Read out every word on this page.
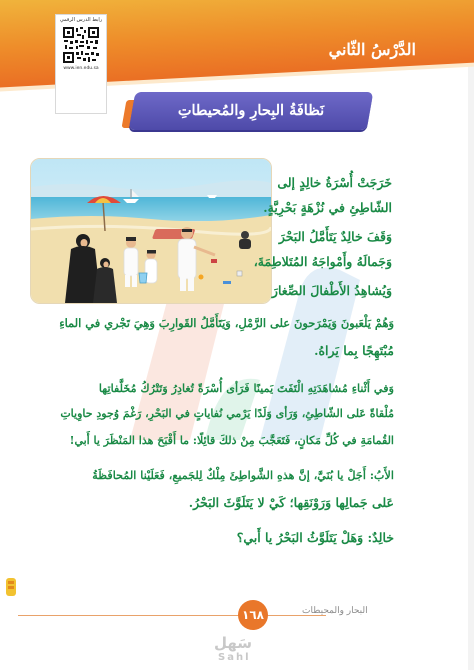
الدَّرْسُ الثّاني
رابط الدرس الرقمي
www.ien.edu.sa
نَظافَةُ البِحارِ والمُحيطاتِ
خَرَجَتْ أُسْرَةُ خالِدٍ إلى
الشّاطِئِ في نُزْهَةٍ بَحْرِيَّةٍ.
وَقَفَ خالِدٌ يَتَأَمَّلُ البَحْرَ
وَجَمالَهُ وأَمْواجَهُ المُتَلاطِمَةَ،
وَيُشاهِدُ الأَطْفالَ الصِّغارَ
وَهُمْ يَلْعَبونَ وَيَمْرَحونَ على الرَّمْلِ، وَيَتَأَمَّلُ القَوارِبَ وَهِيَ تَجْري في الماءِ
مُبْتَهِجًا بِما يَراهُ.
وَفي أَثْناءِ مُشاهَدَتِهِ الْتَفَتَ يَمينًا فَرَأى أُسْرَةً تُغادِرُ وَتَتْرُكُ مُخَلَّفاتِها
مُلْقاةً عَلى الشّاطِئِ، وَرَأى وَلَدًا يَرْمي نُفاياتٍ في البَحْرِ، رَغْمَ وُجودِ حاوِياتِ
القُمامَةِ في كُلِّ مَكانٍ، فَتَعَجَّبَ مِنْ ذلكَ قائِلًا: ما أَقْبَحَ هذا المَنْظَرَ يا أَبي!
الأَبُ: أَجَلْ يا بُنَيَّ، إنَّ هذهِ الشَّواطِئَ مِلْكٌ لِلجَميعِ، فَعَلَيْنا المُحافَظَةُ
عَلى جَمالِها وَرَوْنَقِها؛ كَيْ لا يَتَلَوَّثَ البَحْرُ.
خالِدٌ: وَهَلْ يَتَلَوَّثُ البَحْرُ يا أَبي؟
١٦٨	البحار والمحيطات
سَهل
Sahl
